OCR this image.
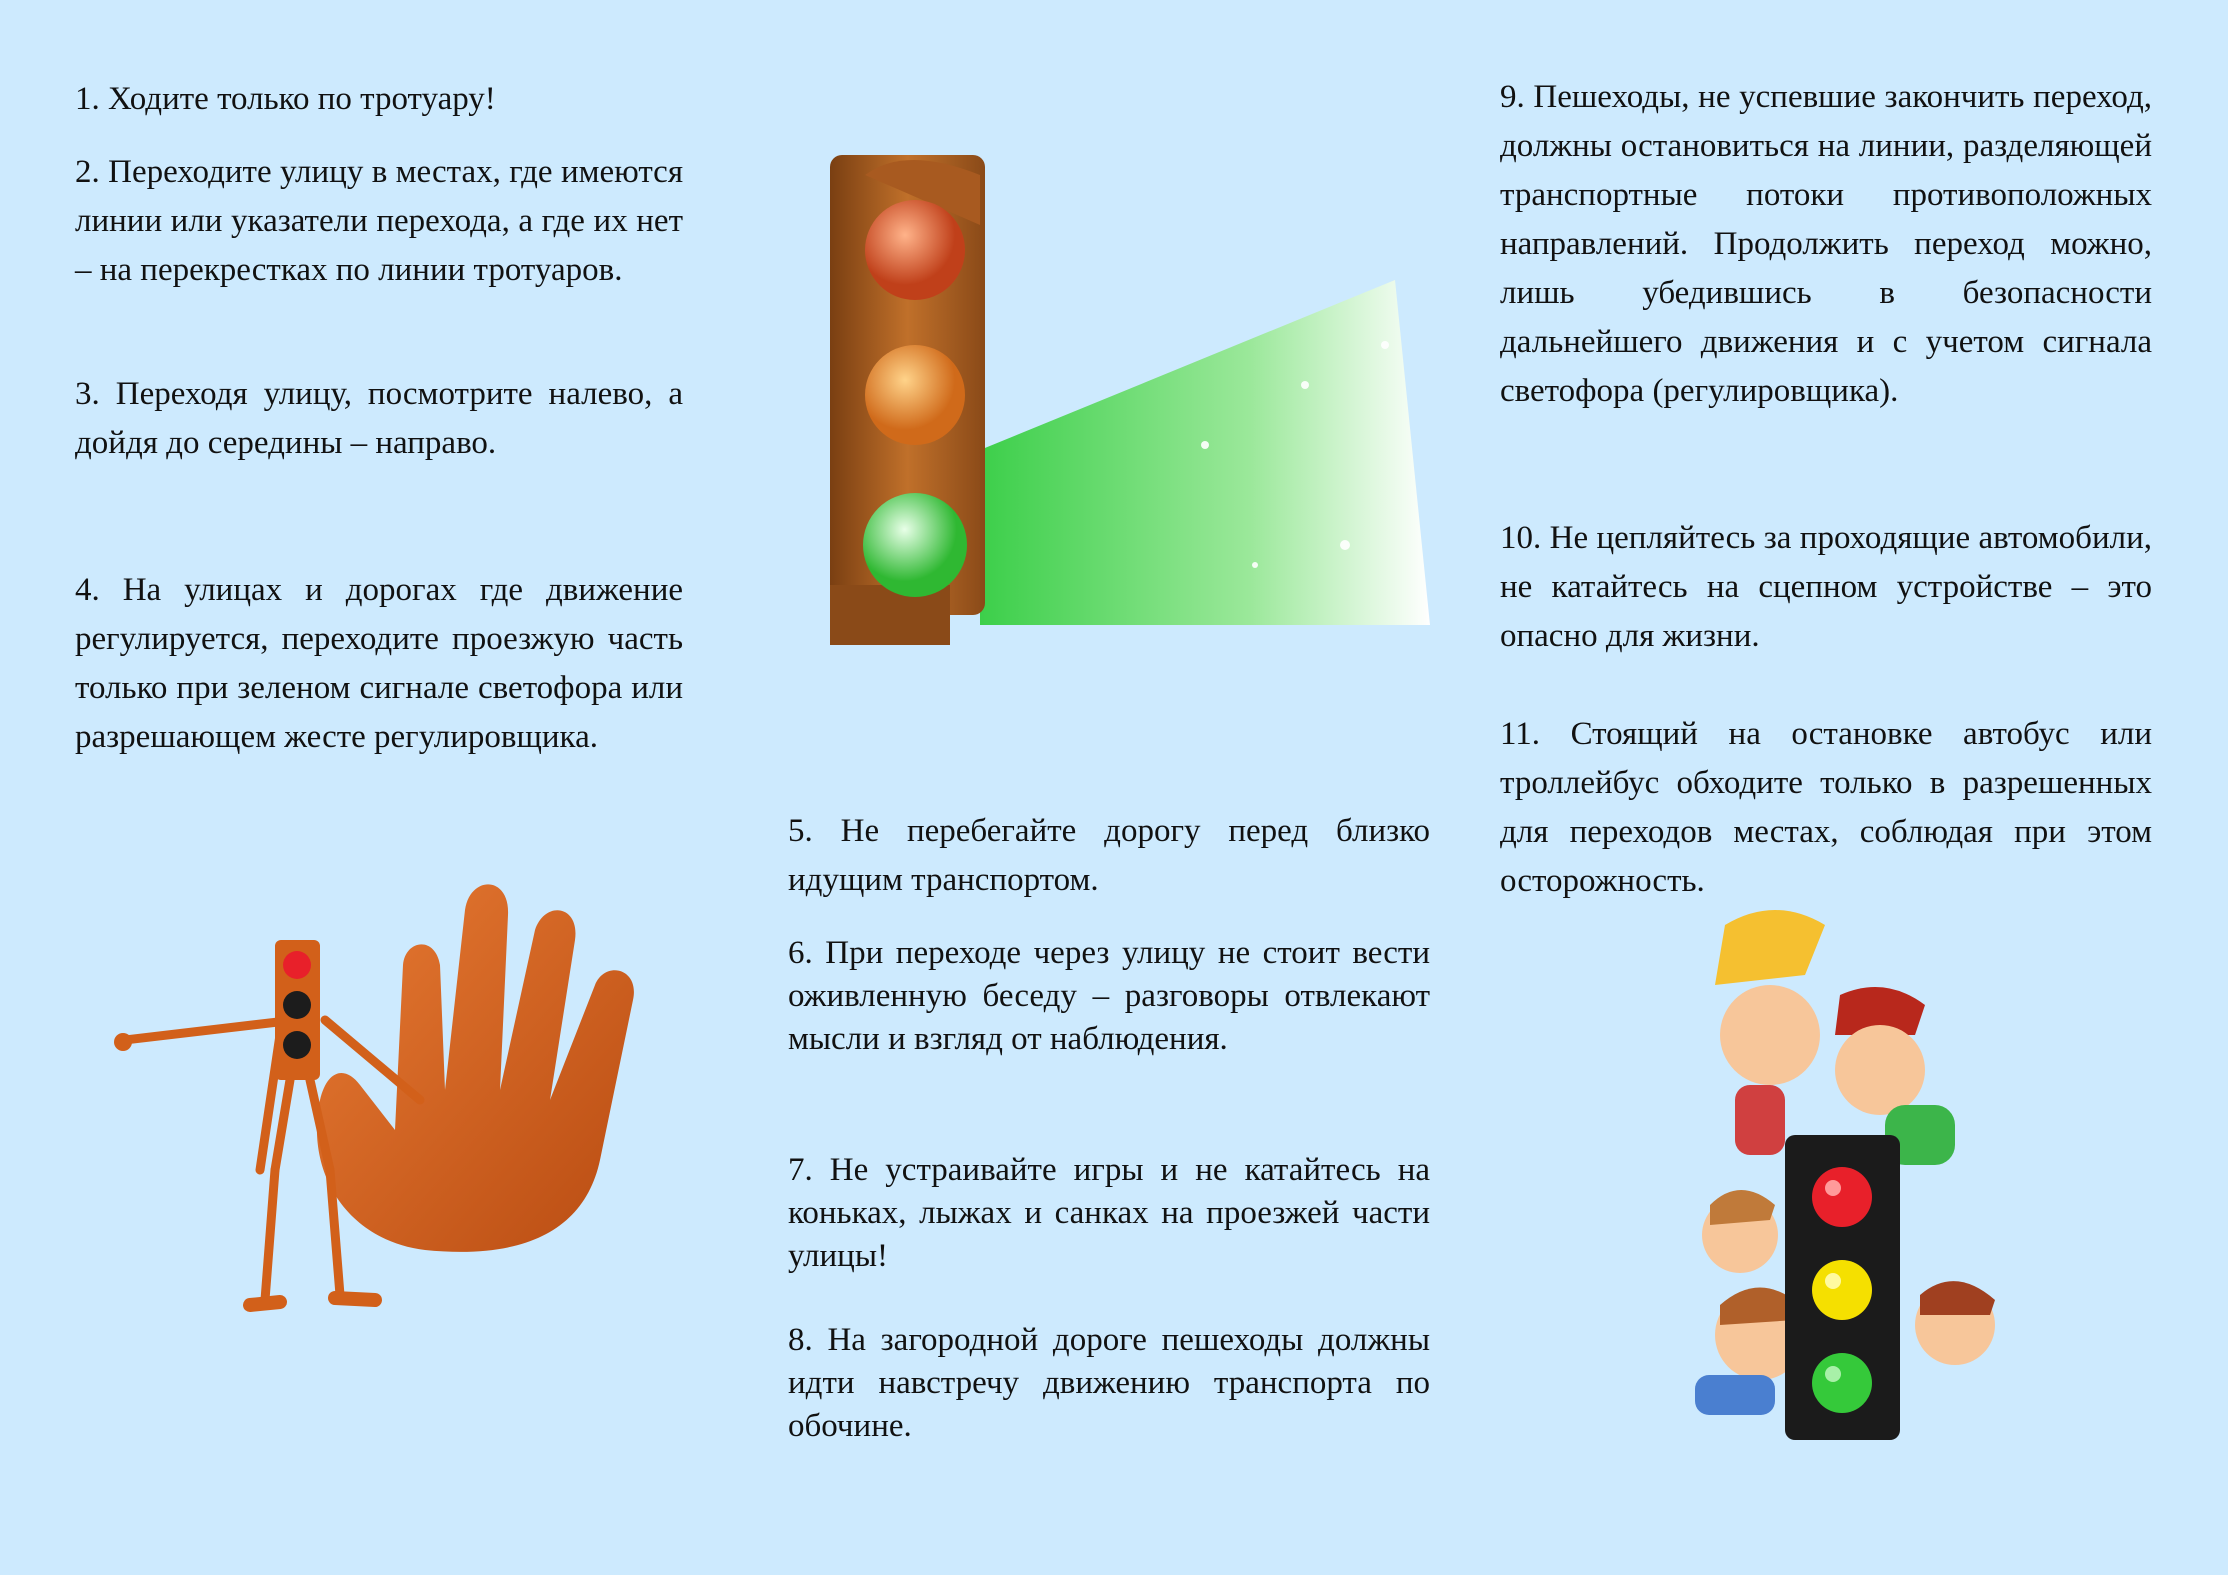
1. Ходите только по тротуару!

2. Переходите улицу в местах, где имеются линии или указатели перехода, а где их нет – на перекрестках по линии тротуаров.

3. Переходя улицу, посмотрите налево, а дойдя до середины – направо.

4. На улицах и дорогах где движение регулируется, переходите проезжую часть только при зеленом сигнале светофора или разрешающем жесте регулировщика.

5. Не перебегайте дорогу перед близко идущим транспортом.

6. При переходе через улицу не стоит вести оживленную беседу – разговоры отвлекают мысли и взгляд от наблюдения.

7. Не устраивайте игры и не катайтесь на коньках, лыжах и санках на проезжей части улицы!

8. На загородной дороге пешеходы должны идти навстречу движению транспорта по обочине.

9. Пешеходы, не успевшие закончить переход, должны остановиться на линии, разделяющей транспортные потоки противоположных направлений. Продолжить переход можно, лишь убедившись в безопасности дальнейшего движения и с учетом сигнала светофора (регулировщика).

10. Не цепляйтесь за проходящие автомобили, не катайтесь на сцепном устройстве – это опасно для жизни.

11. Стоящий на остановке автобус или троллейбус обходите только в разрешенных для переходов местах, соблюдая при этом осторожность.
